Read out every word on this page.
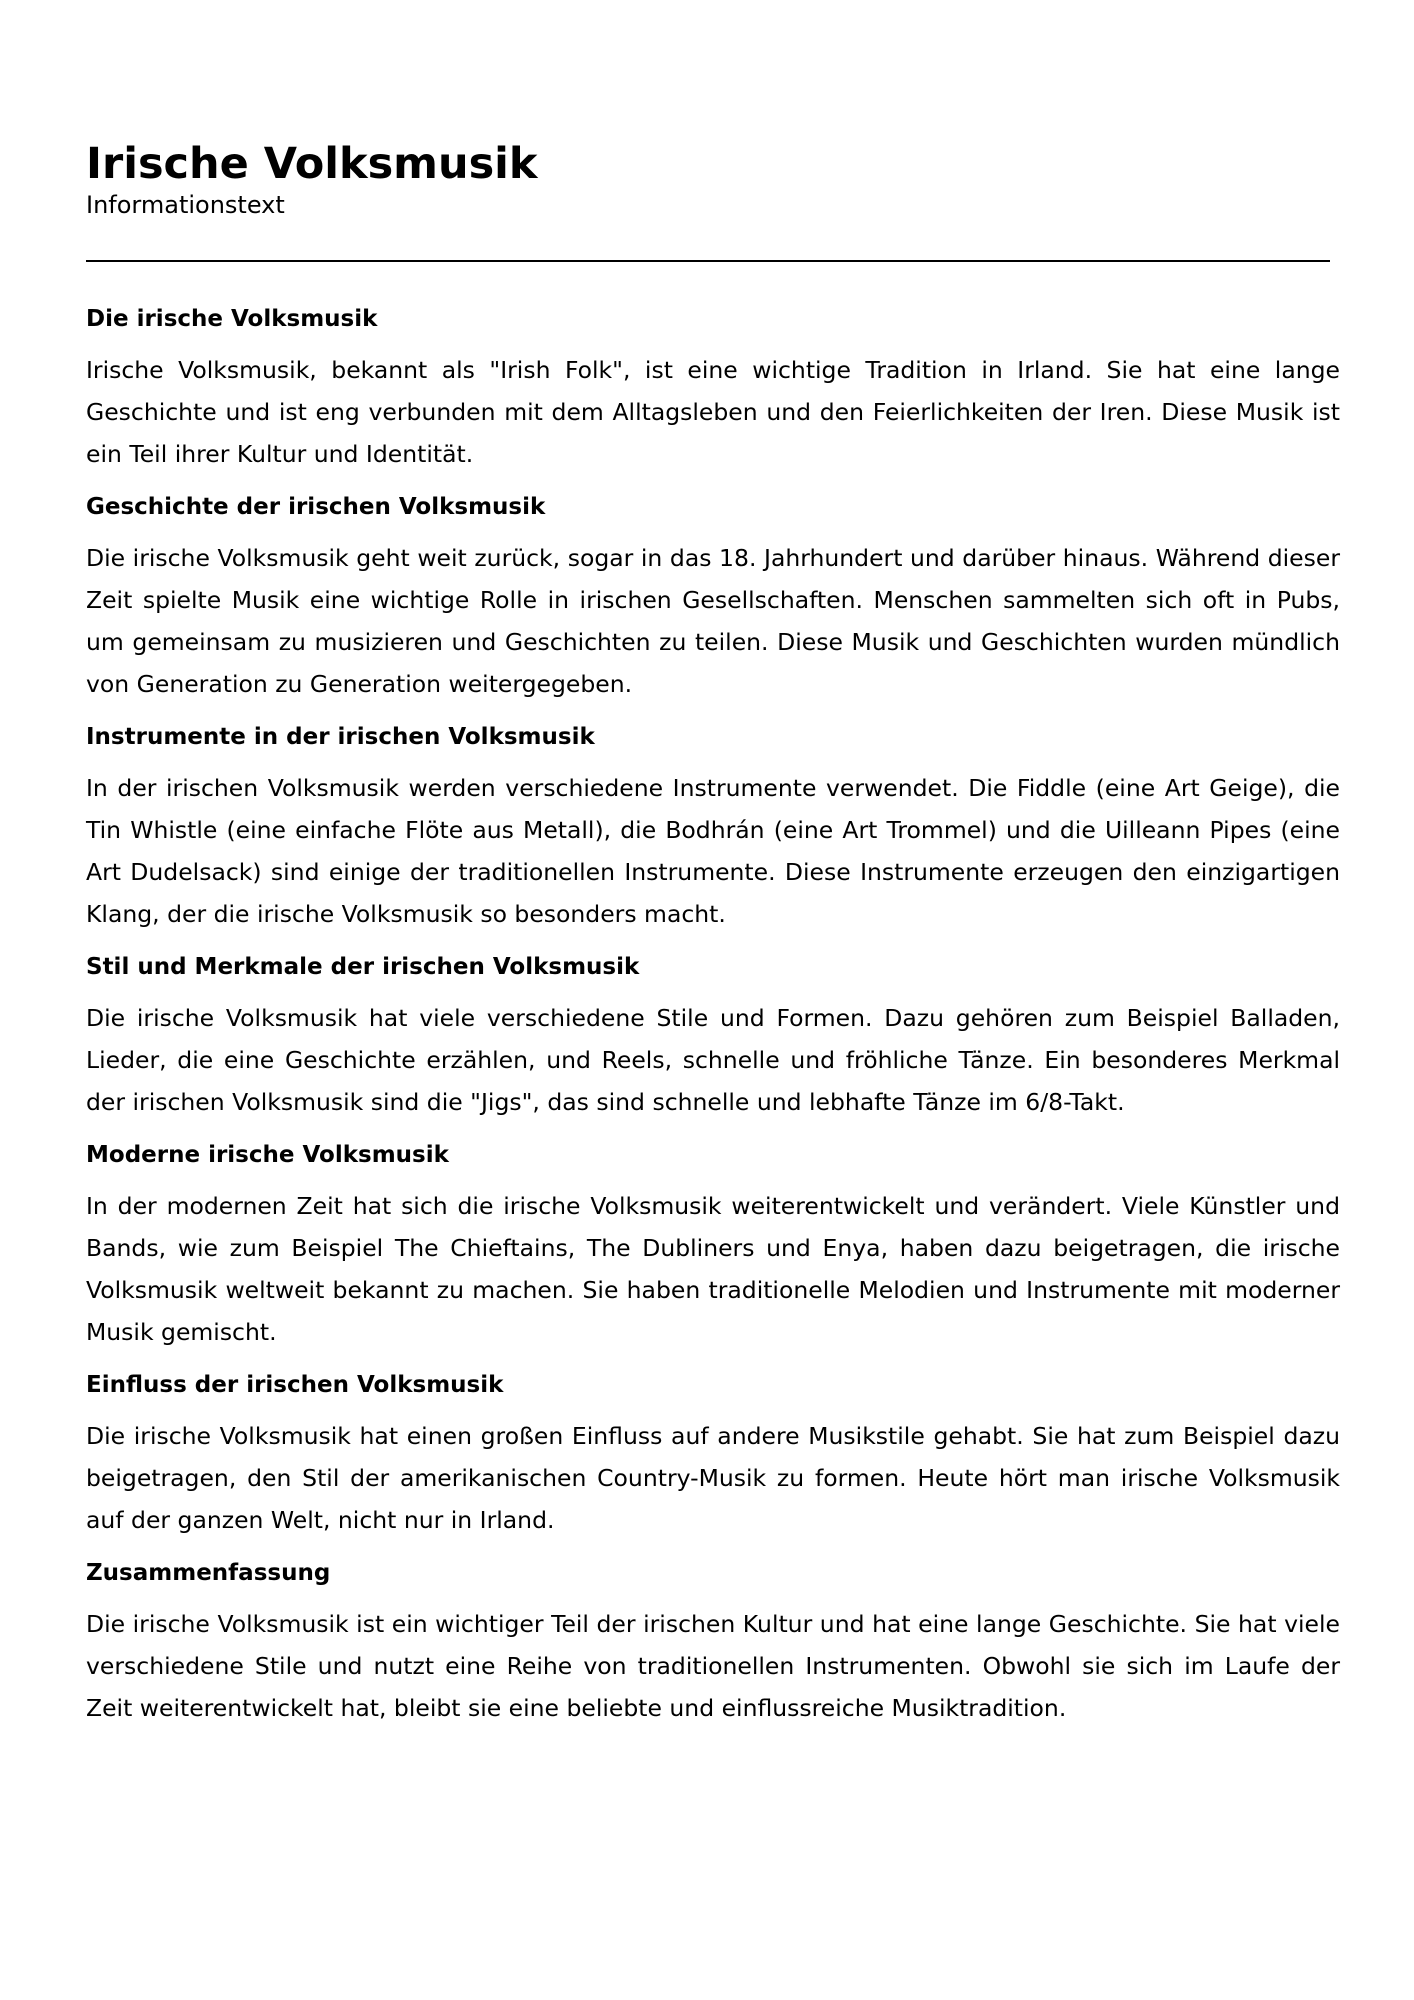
Irische Volksmusik

Informationstext

Die irische Volksmusik

Irische Volksmusik, bekannt als "Irish Folk", ist eine wichtige Tradition in Irland. Sie hat eine lange Geschichte und ist eng verbunden mit dem Alltagsleben und den Feierlichkeiten der Iren. Diese Musik ist ein Teil ihrer Kultur und Identität.

Geschichte der irischen Volksmusik

Die irische Volksmusik geht weit zurück, sogar in das 18. Jahrhundert und darüber hinaus. Während dieser Zeit spielte Musik eine wichtige Rolle in irischen Gesellschaften. Menschen sammelten sich oft in Pubs, um gemeinsam zu musizieren und Geschichten zu teilen. Diese Musik und Geschichten wurden mündlich von Generation zu Generation weitergegeben.

Instrumente in der irischen Volksmusik

In der irischen Volksmusik werden verschiedene Instrumente verwendet. Die Fiddle (eine Art Geige), die Tin Whistle (eine einfache Flöte aus Metall), die Bodhrán (eine Art Trommel) und die Uilleann Pipes (eine Art Dudelsack) sind einige der traditionellen Instrumente. Diese Instrumente erzeugen den einzigartigen Klang, der die irische Volksmusik so besonders macht.

Stil und Merkmale der irischen Volksmusik

Die irische Volksmusik hat viele verschiedene Stile und Formen. Dazu gehören zum Beispiel Balladen, Lieder, die eine Geschichte erzählen, und Reels, schnelle und fröhliche Tänze. Ein besonderes Merkmal der irischen Volksmusik sind die "Jigs", das sind schnelle und lebhafte Tänze im 6/8-Takt.

Moderne irische Volksmusik

In der modernen Zeit hat sich die irische Volksmusik weiterentwickelt und verändert. Viele Künstler und Bands, wie zum Beispiel The Chieftains, The Dubliners und Enya, haben dazu beigetragen, die irische Volksmusik weltweit bekannt zu machen. Sie haben traditionelle Melodien und Instrumente mit moderner Musik gemischt.

Einfluss der irischen Volksmusik

Die irische Volksmusik hat einen großen Einfluss auf andere Musikstile gehabt. Sie hat zum Beispiel dazu beigetragen, den Stil der amerikanischen Country-Musik zu formen. Heute hört man irische Volksmusik auf der ganzen Welt, nicht nur in Irland.

Zusammenfassung

Die irische Volksmusik ist ein wichtiger Teil der irischen Kultur und hat eine lange Geschichte. Sie hat viele verschiedene Stile und nutzt eine Reihe von traditionellen Instrumenten. Obwohl sie sich im Laufe der Zeit weiterentwickelt hat, bleibt sie eine beliebte und einflussreiche Musiktradition.
